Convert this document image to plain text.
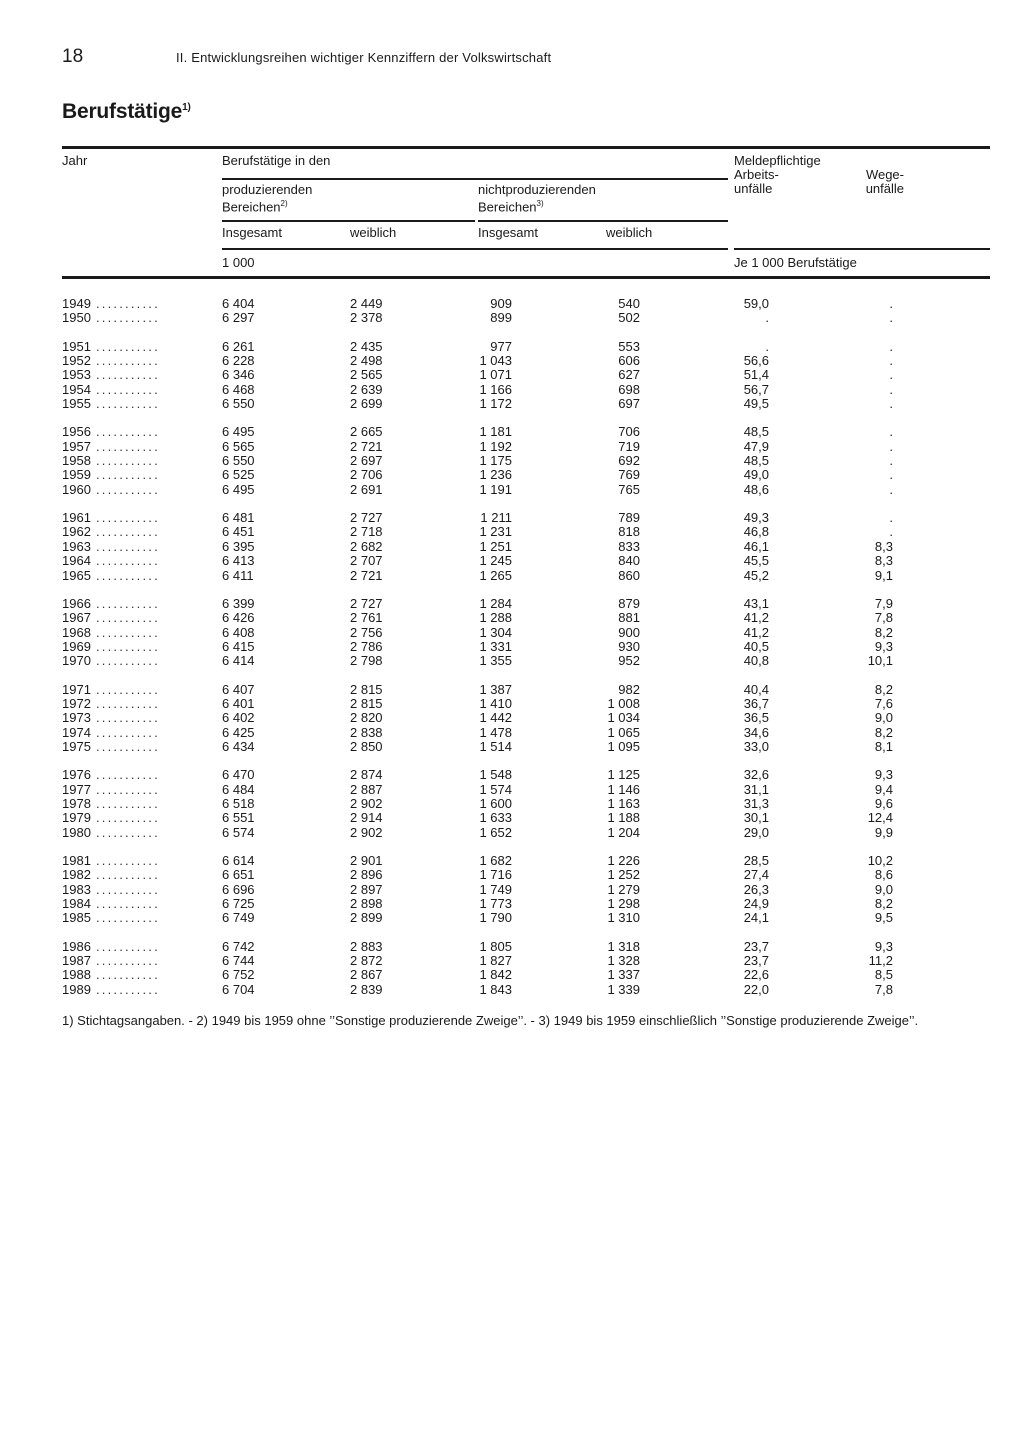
18	II. Entwicklungsreihen wichtiger Kennziffern der Volkswirtschaft
Berufstätige$^{1)}$
Jahr	Berufstätige in den
produzierenden
Bereichen$^{2)}$
nichtproduzierenden
Bereichen$^{3)}$
Insgesamt	weiblich	Insgesamt	weiblich
Meldepflichtige
Arbeits-
unfälle
Wege-
unfälle
1 000	Je 1 000 Berufstätige
1949 ...........	6 404	2 449	909	540	59,0	.
1950 ...........	6 297	2 378	899	502	.	.
1951 ...........	6 261	2 435	977	553	.	.
1952 ...........	6 228	2 498	1 043	606	56,6	.
1953 ...........	6 346	2 565	1 071	627	51,4	.
1954 ...........	6 468	2 639	1 166	698	56,7	.
1955 ...........	6 550	2 699	1 172	697	49,5	.
1956 ...........	6 495	2 665	1 181	706	48,5	.
1957 ...........	6 565	2 721	1 192	719	47,9	.
1958 ...........	6 550	2 697	1 175	692	48,5	.
1959 ...........	6 525	2 706	1 236	769	49,0	.
1960 ...........	6 495	2 691	1 191	765	48,6	.
1961 ...........	6 481	2 727	1 211	789	49,3	.
1962 ...........	6 451	2 718	1 231	818	46,8	.
1963 ...........	6 395	2 682	1 251	833	46,1	8,3
1964 ...........	6 413	2 707	1 245	840	45,5	8,3
1965 ...........	6 411	2 721	1 265	860	45,2	9,1
1966 ...........	6 399	2 727	1 284	879	43,1	7,9
1967 ...........	6 426	2 761	1 288	881	41,2	7,8
1968 ...........	6 408	2 756	1 304	900	41,2	8,2
1969 ...........	6 415	2 786	1 331	930	40,5	9,3
1970 ...........	6 414	2 798	1 355	952	40,8	10,1
1971 ...........	6 407	2 815	1 387	982	40,4	8,2
1972 ...........	6 401	2 815	1 410	1 008	36,7	7,6
1973 ...........	6 402	2 820	1 442	1 034	36,5	9,0
1974 ...........	6 425	2 838	1 478	1 065	34,6	8,2
1975 ...........	6 434	2 850	1 514	1 095	33,0	8,1
1976 ...........	6 470	2 874	1 548	1 125	32,6	9,3
1977 ...........	6 484	2 887	1 574	1 146	31,1	9,4
1978 ...........	6 518	2 902	1 600	1 163	31,3	9,6
1979 ...........	6 551	2 914	1 633	1 188	30,1	12,4
1980 ...........	6 574	2 902	1 652	1 204	29,0	9,9
1981 ...........	6 614	2 901	1 682	1 226	28,5	10,2
1982 ...........	6 651	2 896	1 716	1 252	27,4	8,6
1983 ...........	6 696	2 897	1 749	1 279	26,3	9,0
1984 ...........	6 725	2 898	1 773	1 298	24,9	8,2
1985 ...........	6 749	2 899	1 790	1 310	24,1	9,5
1986 ...........	6 742	2 883	1 805	1 318	23,7	9,3
1987 ...........	6 744	2 872	1 827	1 328	23,7	11,2
1988 ...........	6 752	2 867	1 842	1 337	22,6	8,5
1989 ...........	6 704	2 839	1 843	1 339	22,0	7,8
1) Stichtagsangaben. - 2) 1949 bis 1959 ohne ’’Sonstige produzierende Zweige’’. - 3) 1949 bis 1959 einschließlich ’’Sonstige produzierende Zweige’’.
